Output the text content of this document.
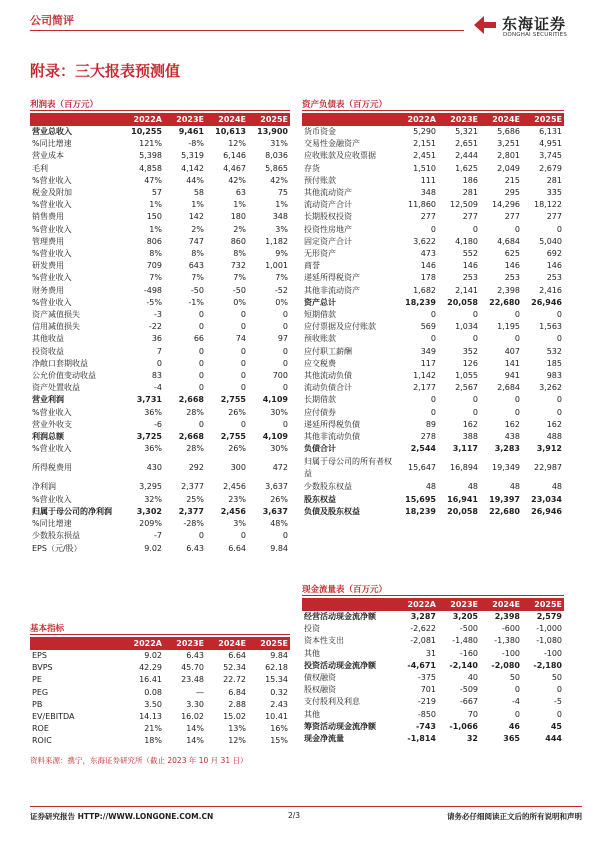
公司简评	东海证券
DONGHAI SECURITIES
附录：三大报表预测值
利润表（百万元）
	2022A	2023E	2024E	2025E
营业总收入	10,255	9,461	10,613	13,900
%同比增速	121%	-8%	12%	31%
营业成本	5,398	5,319	6,146	8,036
毛利	4,858	4,142	4,467	5,865
%营业收入	47%	44%	42%	42%
税金及附加	57	58	63	75
%营业收入	1%	1%	1%	1%
销售费用	150	142	180	348
%营业收入	1%	2%	2%	3%
管理费用	806	747	860	1,182
%营业收入	8%	8%	8%	9%
研发费用	709	643	732	1,001
%营业收入	7%	7%	7%	7%
财务费用	-498	-50	-50	-52
%营业收入	-5%	-1%	0%	0%
资产减值损失	-3	0	0	0
信用减值损失	-22	0	0	0
其他收益	36	66	74	97
投资收益	7	0	0	0
净敞口套期收益	0	0	0	0
公允价值变动收益	83	0	0	700
资产处置收益	-4	0	0	0
营业利润	3,731	2,668	2,755	4,109
%营业收入	36%	28%	26%	30%
营业外收支	-6	0	0	0
利润总额	3,725	2,668	2,755	4,109
%营业收入	36%	28%	26%	30%
所得税费用	430	292	300	472
净利润	3,295	2,377	2,456	3,637
%营业收入	32%	25%	23%	26%
归属于母公司的净利润	3,302	2,377	2,456	3,637
%同比增速	209%	-28%	3%	48%
少数股东损益	-7	0	0	0
EPS（元/股）	9.02	6.43	6.64	9.84
资产负债表（百万元）
	2022A	2023E	2024E	2025E
货币资金	5,290	5,321	5,686	6,131
交易性金融资产	2,151	2,651	3,251	4,951
应收账款及应收票据	2,451	2,444	2,801	3,745
存货	1,510	1,625	2,049	2,679
预付账款	111	186	215	281
其他流动资产	348	281	295	335
流动资产合计	11,860	12,509	14,296	18,122
长期股权投资	277	277	277	277
投资性房地产	0	0	0	0
固定资产合计	3,622	4,180	4,684	5,040
无形资产	473	552	625	692
商誉	146	146	146	146
递延所得税资产	178	253	253	253
其他非流动资产	1,682	2,141	2,398	2,416
资产总计	18,239	20,058	22,680	26,946
短期借款	0	0	0	0
应付票据及应付账款	569	1,034	1,195	1,563
预收账款	0	0	0	0
应付职工薪酬	349	352	407	532
应交税费	117	126	141	185
其他流动负债	1,142	1,055	941	983
流动负债合计	2,177	2,567	2,684	3,262
长期借款	0	0	0	0
应付债券	0	0	0	0
递延所得税负债	89	162	162	162
其他非流动负债	278	388	438	488
负债合计	2,544	3,117	3,283	3,912
归属于母公司的所有者权益	15,647	16,894	19,349	22,987
少数股东权益	48	48	48	48
股东权益	15,695	16,941	19,397	23,034
负债及股东权益	18,239	20,058	22,680	26,946
基本指标
	2022A	2023E	2024E	2025E
EPS	9.02	6.43	6.64	9.84
BVPS	42.29	45.70	52.34	62.18
PE	16.41	23.48	22.72	15.34
PEG	0.08	—	6.84	0.32
PB	3.50	3.30	2.88	2.43
EV/EBITDA	14.13	16.02	15.02	10.41
ROE	21%	14%	13%	16%
ROIC	18%	14%	12%	15%
现金流量表（百万元）
	2022A	2023E	2024E	2025E
经营活动现金流净额	3,287	3,205	2,398	2,579
投资	-2,622	-500	-600	-1,000
资本性支出	-2,081	-1,480	-1,380	-1,080
其他	31	-160	-100	-100
投资活动现金流净额	-4,671	-2,140	-2,080	-2,180
债权融资	-375	40	50	50
股权融资	701	-509	0	0
支付股利及利息	-219	-667	-4	-5
其他	-850	70	0	0
筹资活动现金流净额	-743	-1,066	46	45
现金净流量	-1,814	32	365	444
资料来源：携宁，东海证券研究所（截止 2023 年 10 月 31 日）
证券研究报告 HTTP://WWW.LONGONE.COM.CN	2/3	请务必仔细阅读正文后的所有说明和声明
